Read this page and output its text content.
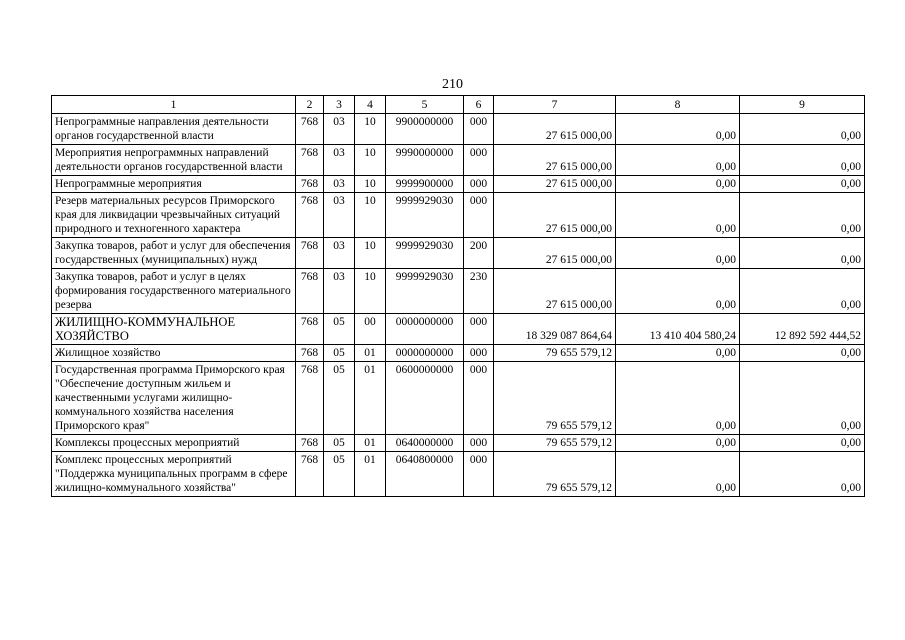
210
1	2	3	4	5	6	7	8	9
Непрограммные направления деятельности органов государственной власти	768	03	10	9900000000	000	27 615 000,00	0,00	0,00
Мероприятия непрограммных направлений деятельности органов государственной власти	768	03	10	9990000000	000	27 615 000,00	0,00	0,00
Непрограммные мероприятия	768	03	10	9999900000	000	27 615 000,00	0,00	0,00
Резерв материальных ресурсов Приморского края для ликвидации чрезвычайных ситуаций природного и техногенного характера	768	03	10	9999929030	000	27 615 000,00	0,00	0,00
Закупка товаров, работ и услуг для обеспечения государственных (муниципальных) нужд	768	03	10	9999929030	200	27 615 000,00	0,00	0,00
Закупка товаров, работ и услуг в целях формирования государственного материального резерва	768	03	10	9999929030	230	27 615 000,00	0,00	0,00
ЖИЛИЩНО-КОММУНАЛЬНОЕ ХОЗЯЙСТВО	768	05	00	0000000000	000	18 329 087 864,64	13 410 404 580,24	12 892 592 444,52
Жилищное хозяйство	768	05	01	0000000000	000	79 655 579,12	0,00	0,00
Государственная программа Приморского края "Обеспечение доступным жильем и качественными услугами жилищно-коммунального хозяйства населения Приморского края"	768	05	01	0600000000	000	79 655 579,12	0,00	0,00
Комплексы процессных мероприятий	768	05	01	0640000000	000	79 655 579,12	0,00	0,00
Комплекс процессных мероприятий "Поддержка муниципальных программ в сфере жилищно-коммунального хозяйства"	768	05	01	0640800000	000	79 655 579,12	0,00	0,00
